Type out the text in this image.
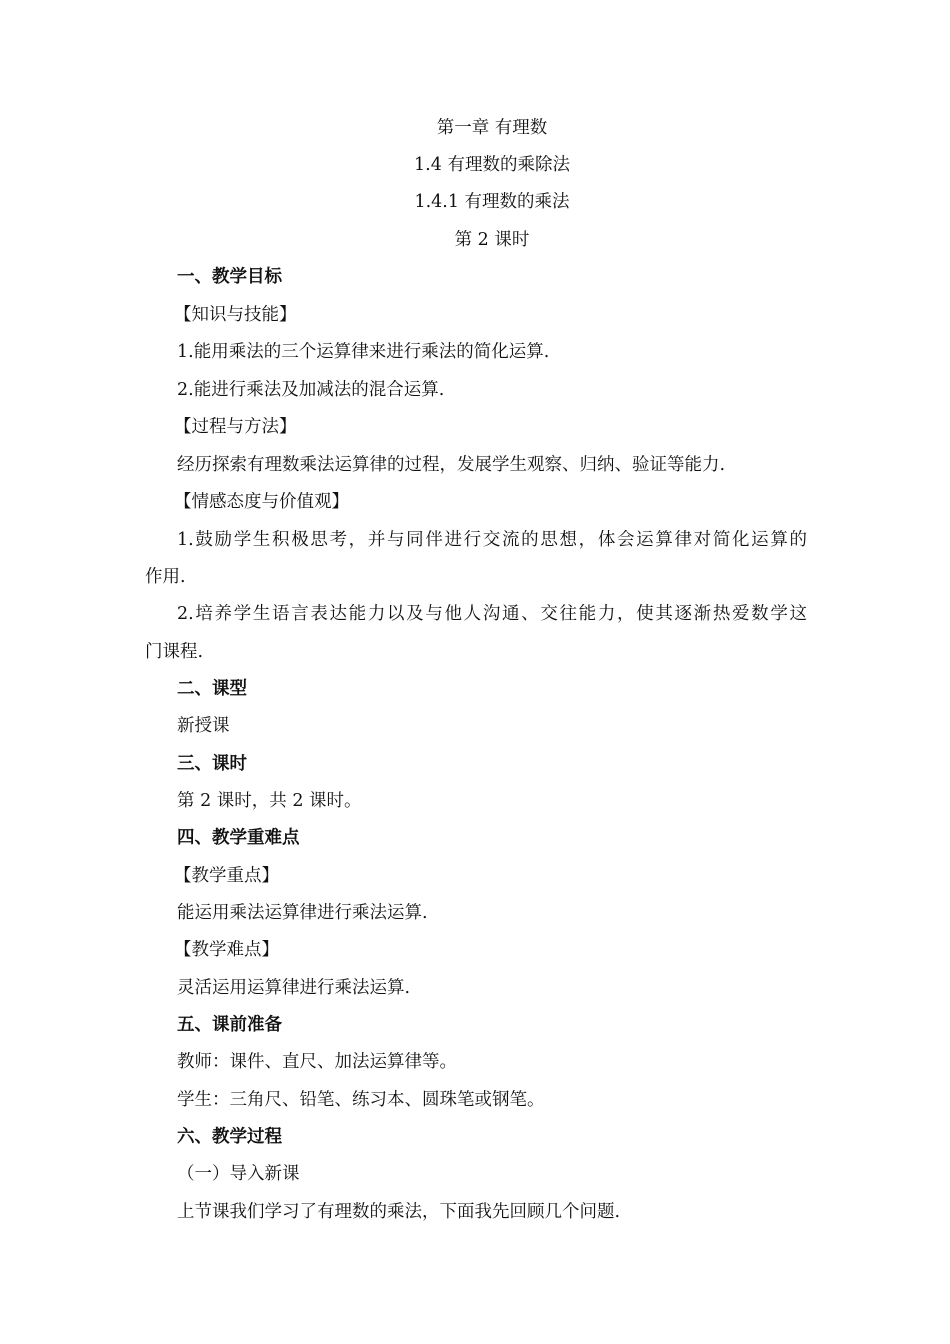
第一章 有理数
1.4 有理数的乘除法
1.4.1 有理数的乘法
第 2 课时
一、教学目标
【知识与技能】
1.能用乘法的三个运算律来进行乘法的简化运算.
2.能进行乘法及加减法的混合运算.
【过程与方法】
经历探索有理数乘法运算律的过程，发展学生观察、归纳、验证等能力.
【情感态度与价值观】
1.鼓励学生积极思考，并与同伴进行交流的思想，体会运算律对简化运算的
作用.
2.培养学生语言表达能力以及与他人沟通、交往能力，使其逐渐热爱数学这
门课程.
二、课型
新授课
三、课时
第 2 课时，共 2 课时。
四、教学重难点
【教学重点】
能运用乘法运算律进行乘法运算.
【教学难点】
灵活运用运算律进行乘法运算.
五、课前准备
教师：课件、直尺、加法运算律等。
学生：三角尺、铅笔、练习本、圆珠笔或钢笔。
六、教学过程
（一）导入新课
上节课我们学习了有理数的乘法，下面我先回顾几个问题.
